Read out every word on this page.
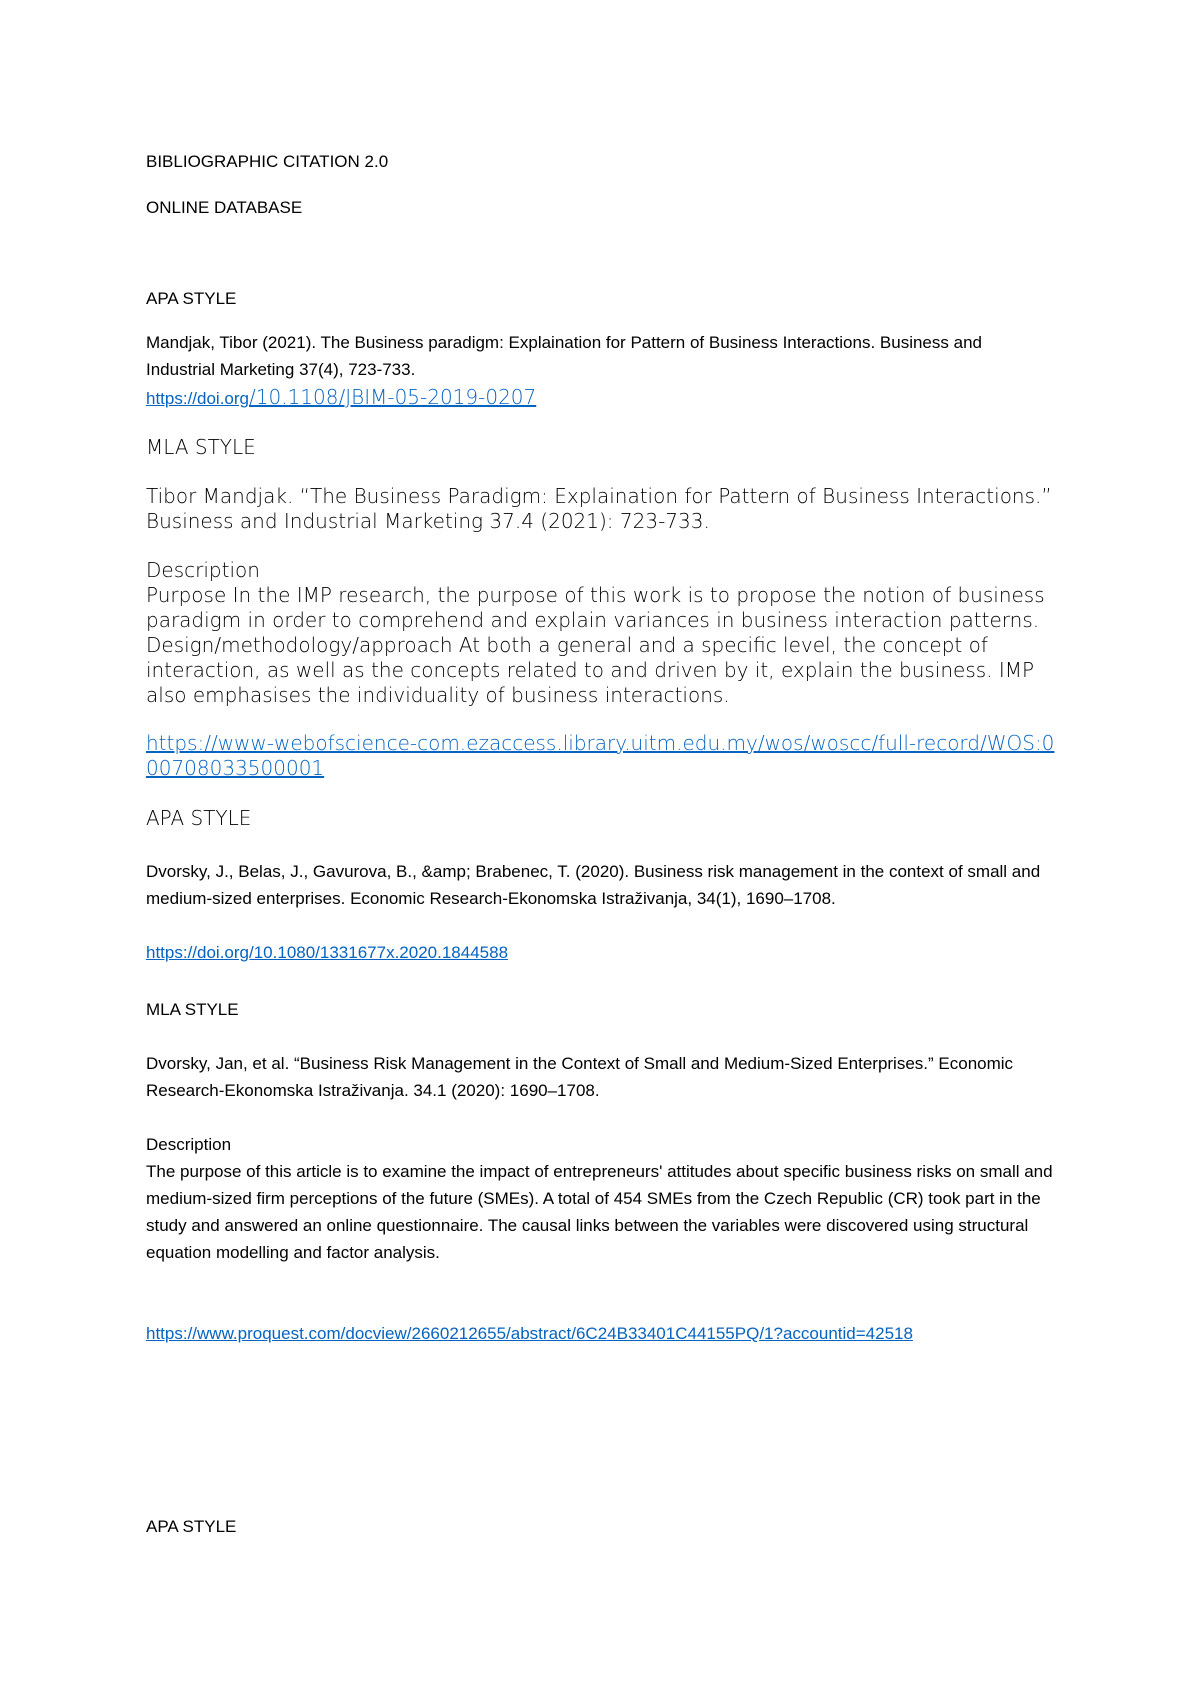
BIBLIOGRAPHIC CITATION 2.0

ONLINE DATABASE

APA STYLE

Mandjak, Tibor (2021). The Business paradigm: Explaination for Pattern of Business Interactions. Business and Industrial Marketing 37(4), 723-733.

https://doi.org/10.1108/JBIM-05-2019-0207

MLA STYLE

Tibor Mandjak. “The Business Paradigm: Explaination for Pattern of Business Interactions.” Business and Industrial Marketing 37.4 (2021): 723-733.

Description

Purpose In the IMP research, the purpose of this work is to propose the notion of business paradigm in order to comprehend and explain variances in business interaction patterns. Design/methodology/approach At both a general and a specific level, the concept of interaction, as well as the concepts related to and driven by it, explain the business. IMP also emphasises the individuality of business interactions.

https://www-webofscience-com.ezaccess.library.uitm.edu.my/wos/woscc/full-record/WOS:000708033500001

APA STYLE

Dvorsky, J., Belas, J., Gavurova, B., &amp; Brabenec, T. (2020). Business risk management in the context of small and medium-sized enterprises. Economic Research-Ekonomska Istraživanja, 34(1), 1690–1708.

https://doi.org/10.1080/1331677x.2020.1844588

MLA STYLE

Dvorsky, Jan, et al. “Business Risk Management in the Context of Small and Medium-Sized Enterprises.” Economic Research-Ekonomska Istraživanja. 34.1 (2020): 1690–1708.

Description

The purpose of this article is to examine the impact of entrepreneurs' attitudes about specific business risks on small and medium-sized firm perceptions of the future (SMEs). A total of 454 SMEs from the Czech Republic (CR) took part in the study and answered an online questionnaire. The causal links between the variables were discovered using structural equation modelling and factor analysis.

https://www.proquest.com/docview/2660212655/abstract/6C24B33401C44155PQ/1?accountid=42518

APA STYLE
